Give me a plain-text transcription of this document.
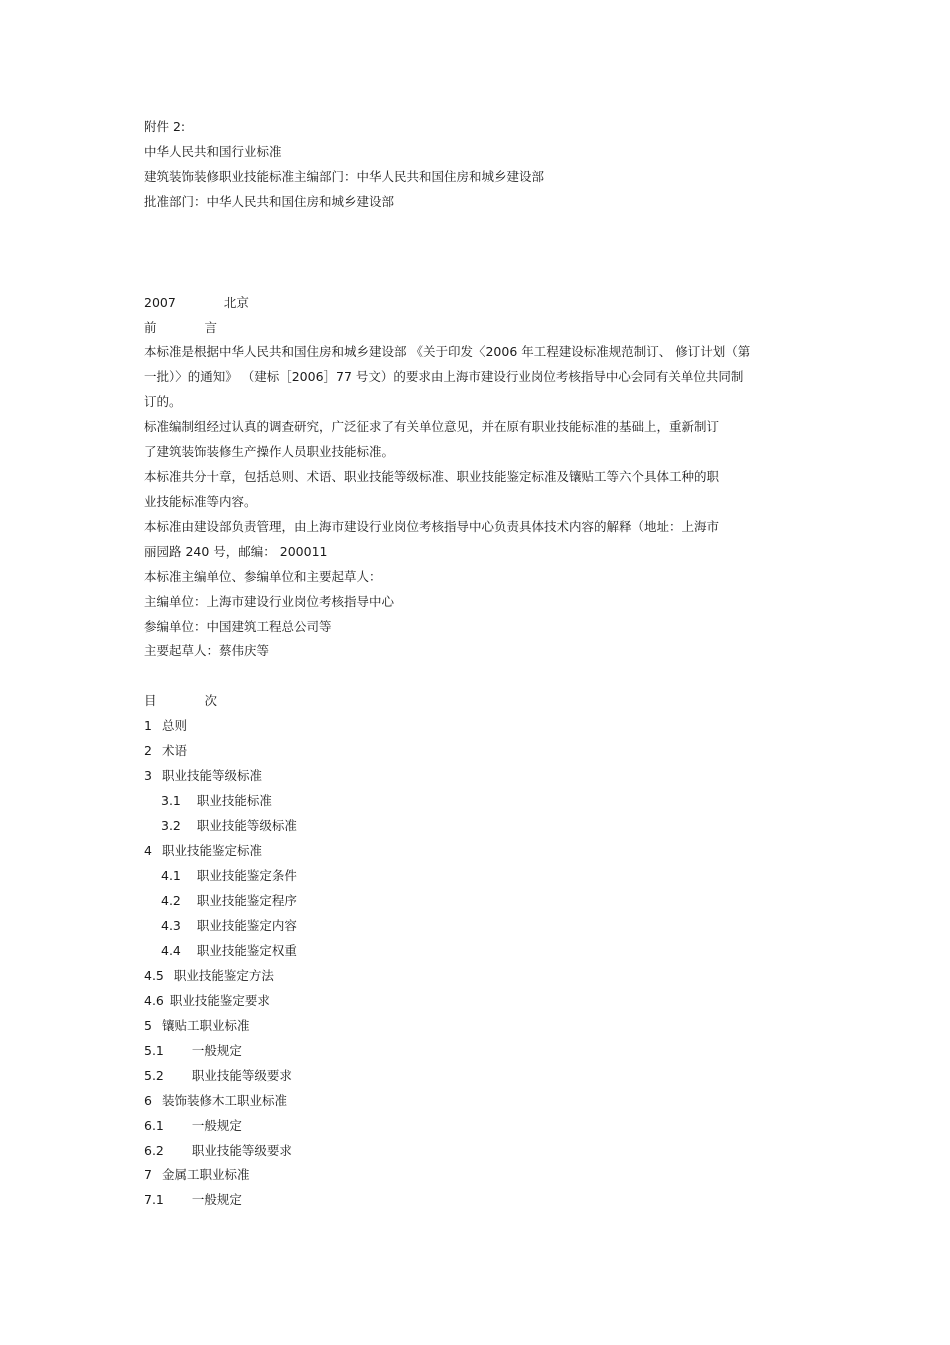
附件 2:
中华人民共和国行业标准
建筑装饰装修职业技能标准主编部门：中华人民共和国住房和城乡建设部
批准部门：中华人民共和国住房和城乡建设部
2007	北京
前	言
本标准是根据中华人民共和国住房和城乡建设部 《关于印发〈2006 年工程建设标准规范制订、 修订计划（第
一批）〉的通知》 （建标［2006］77 号文）的要求由上海市建设行业岗位考核指导中心会同有关单位共同制
订的。
标准编制组经过认真的调查研究，广泛征求了有关单位意见，并在原有职业技能标准的基础上，重新制订
了建筑装饰装修生产操作人员职业技能标准。
本标准共分十章，包括总则、术语、职业技能等级标准、职业技能鉴定标准及镶贴工等六个具体工种的职
业技能标准等内容。
本标准由建设部负责管理，由上海市建设行业岗位考核指导中心负责具体技术内容的解释（地址：上海市
丽园路 240 号，邮编： 200011
本标准主编单位、参编单位和主要起草人：
主编单位：上海市建设行业岗位考核指导中心
参编单位：中国建筑工程总公司等
主要起草人：蔡伟庆等
目	次
1 总则
2 术语
3 职业技能等级标准
3.1 职业技能标准
3.2 职业技能等级标准
4 职业技能鉴定标准
4.1 职业技能鉴定条件
4.2 职业技能鉴定程序
4.3 职业技能鉴定内容
4.4 职业技能鉴定权重
4.5 职业技能鉴定方法
4.6 职业技能鉴定要求
5 镶贴工职业标准
5.1 一般规定
5.2 职业技能等级要求
6 装饰装修木工职业标准
6.1 一般规定
6.2 职业技能等级要求
7 金属工职业标准
7.1 一般规定
